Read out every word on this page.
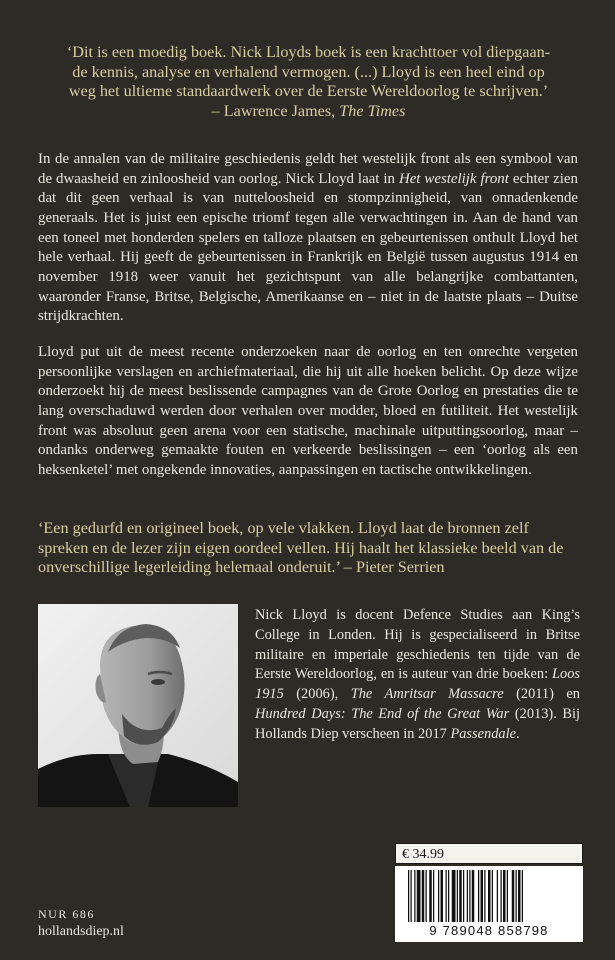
‘Dit is een moedig boek. Nick Lloyds boek is een krachttoer vol diepgaan-
de kennis, analyse en verhalend vermogen. (...) Lloyd is een heel eind op
weg het ultieme standaardwerk over de Eerste Wereldoorlog te schrijven.’

– Lawrence James, The Times

In de annalen van de militaire geschiedenis geldt het westelijk front als een symbool van de dwaasheid en zinloosheid van oorlog. Nick Lloyd laat in Het westelijk front echter zien dat dit geen verhaal is van nutteloosheid en stompzinnigheid, van onnadenkende generaals. Het is juist een epische triomf tegen alle verwachtingen in. Aan de hand van een toneel met honderden spelers en talloze plaatsen en gebeurtenissen onthult Lloyd het hele verhaal. Hij geeft de gebeurtenissen in Frankrijk en België tussen augustus 1914 en november 1918 weer vanuit het gezichtspunt van alle belangrijke combattanten, waaronder Franse, Britse, Belgische, Amerikaanse en – niet in de laatste plaats – Duitse strijdkrachten.

Lloyd put uit de meest recente onderzoeken naar de oorlog en ten onrechte vergeten persoonlijke verslagen en archiefmateriaal, die hij uit alle hoeken belicht. Op deze wijze onderzoekt hij de meest beslissende campagnes van de Grote Oorlog en prestaties die te lang overschaduwd werden door verhalen over modder, bloed en futiliteit. Het westelijk front was absoluut geen arena voor een statische, machinale uitputtingsoorlog, maar – ondanks onderweg gemaakte fouten en verkeerde beslissingen – een ‘oorlog als een heksenketel’ met ongekende innovaties, aanpassingen en tactische ontwikkelingen.

‘Een gedurfd en origineel boek, op vele vlakken. Lloyd laat de bronnen zelf spreken en de lezer zijn eigen oordeel vellen. Hij haalt het klassieke beeld van de onverschillige legerleiding helemaal onderuit.’ – Pieter Serrien

Nick Lloyd is docent Defence Studies aan King’s College in Londen. Hij is gespecialiseerd in Britse militaire en imperiale geschiedenis ten tijde van de Eerste Wereldoorlog, en is auteur van drie boeken: Loos 1915 (2006), The Amritsar Massacre (2011) en Hundred Days: The End of the Great War (2013). Bij Hollands Diep verscheen in 2017 Passendale.

€ 34.99
9 789048 858798
NUR 686
hollandsdiep.nl
